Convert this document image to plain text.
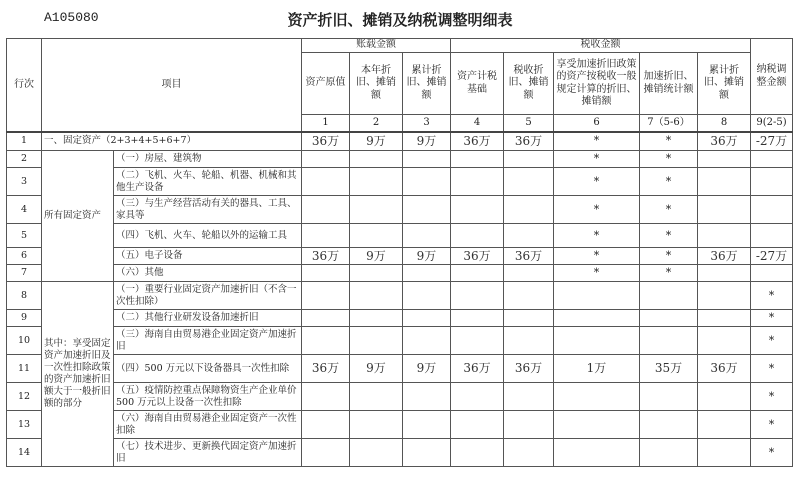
A105080	资产折旧、摊销及纳税调整明细表
行次	项目		账载金额			税收金额					纳税调整金额
			资产原值	本年折旧、摊销额	累计折旧、摊销额	资产计税基础	税收折旧、摊销额	享受加速折旧政策的资产按税收一般规定计算的折旧、摊销额	加速折旧、摊销统计额	累计折旧、摊销额	
			1	2	3	4	5	6	7（5-6）	8	9(2-5)
1	一、固定资产（2+3+4+5+6+7）		36万	9万	9万	36万	36万	*	*	36万	-27万
2	所有固定资产	（一）房屋、建筑物						*	*		
3		（二）飞机、火车、轮船、机器、机械和其他生产设备						*	*		
4		（三）与生产经营活动有关的器具、工具、家具等						*	*		
5		（四）飞机、火车、轮船以外的运输工具						*	*		
6		（五）电子设备	36万	9万	9万	36万	36万	*	*	36万	-27万
7		（六）其他						*	*		
8	其中：享受固定资产加速折旧及一次性扣除政策的资产加速折旧额大于一般折旧额的部分	（一）重要行业固定资产加速折旧（不含一次性扣除）									*
9		（二）其他行业研发设备加速折旧									*
10		（三）海南自由贸易港企业固定资产加速折旧									*
11		（四）500 万元以下设备器具一次性扣除	36万	9万	9万	36万	36万	1万	35万	36万	*
12		（五）疫情防控重点保障物资生产企业单价 500 万元以上设备一次性扣除									*
13		（六）海南自由贸易港企业固定资产一次性扣除									*
14		（七）技术进步、更新换代固定资产加速折旧									*
